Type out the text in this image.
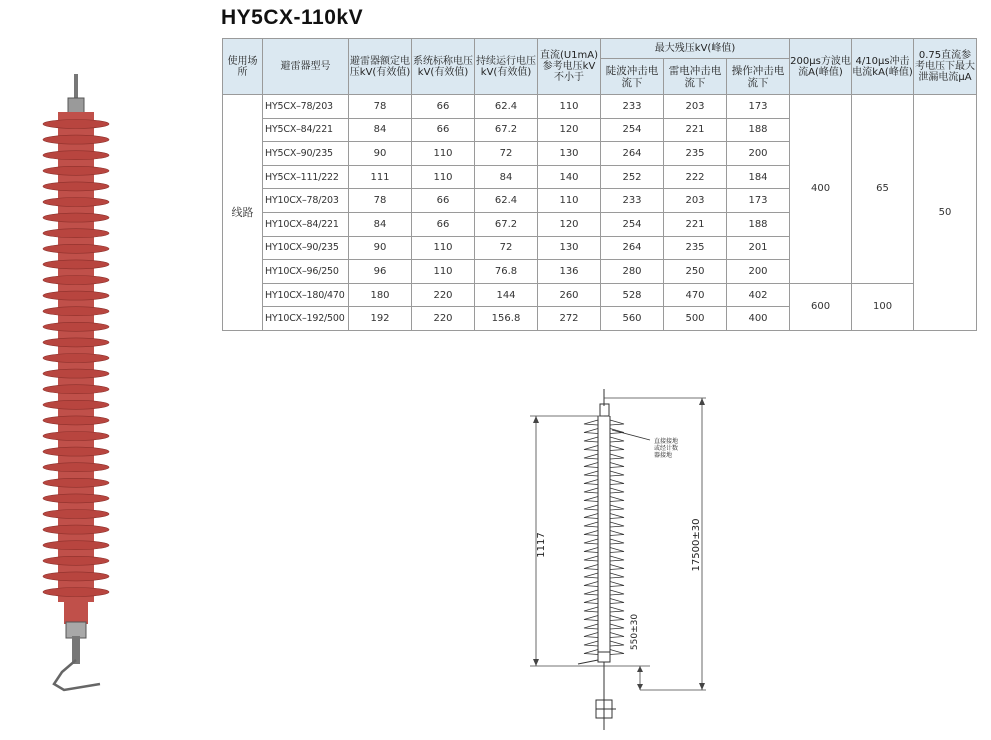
HY5CX-110kV
使用场所	避雷器型号	避雷器额定电压kV(有效值)	系统标称电压kV(有效值)	持续运行电压kV(有效值)	直流(U1mA)参考电压kV不小于	最大残压kV(峰值)			200μs方波电流A(峰值)	4/10μs冲击电流kA(峰值)	0.75直流参考电压下最大泄漏电流μA
						陡波冲击电流下	雷电冲击电流下	操作冲击电流下			
线路	HY5CX–78/203	78	66	62.4	110	233	203	173	400	65	50
	HY5CX–84/221	84	66	67.2	120	254	221	188			
	HY5CX–90/235	90	110	72	130	264	235	200			
	HY5CX–111/222	111	110	84	140	252	222	184			
	HY10CX–78/203	78	66	62.4	110	233	203	173			
	HY10CX–84/221	84	66	67.2	120	254	221	188			
	HY10CX–90/235	90	110	72	130	264	235	201			
	HY10CX–96/250	96	110	76.8	136	280	250	200			
	HY10CX–180/470	180	220	144	260	528	470	402	600	100	
	HY10CX–192/500	192	220	156.8	272	560	500	400			
1117	17500±30
550±30
直接接地
或经计数
器接地
